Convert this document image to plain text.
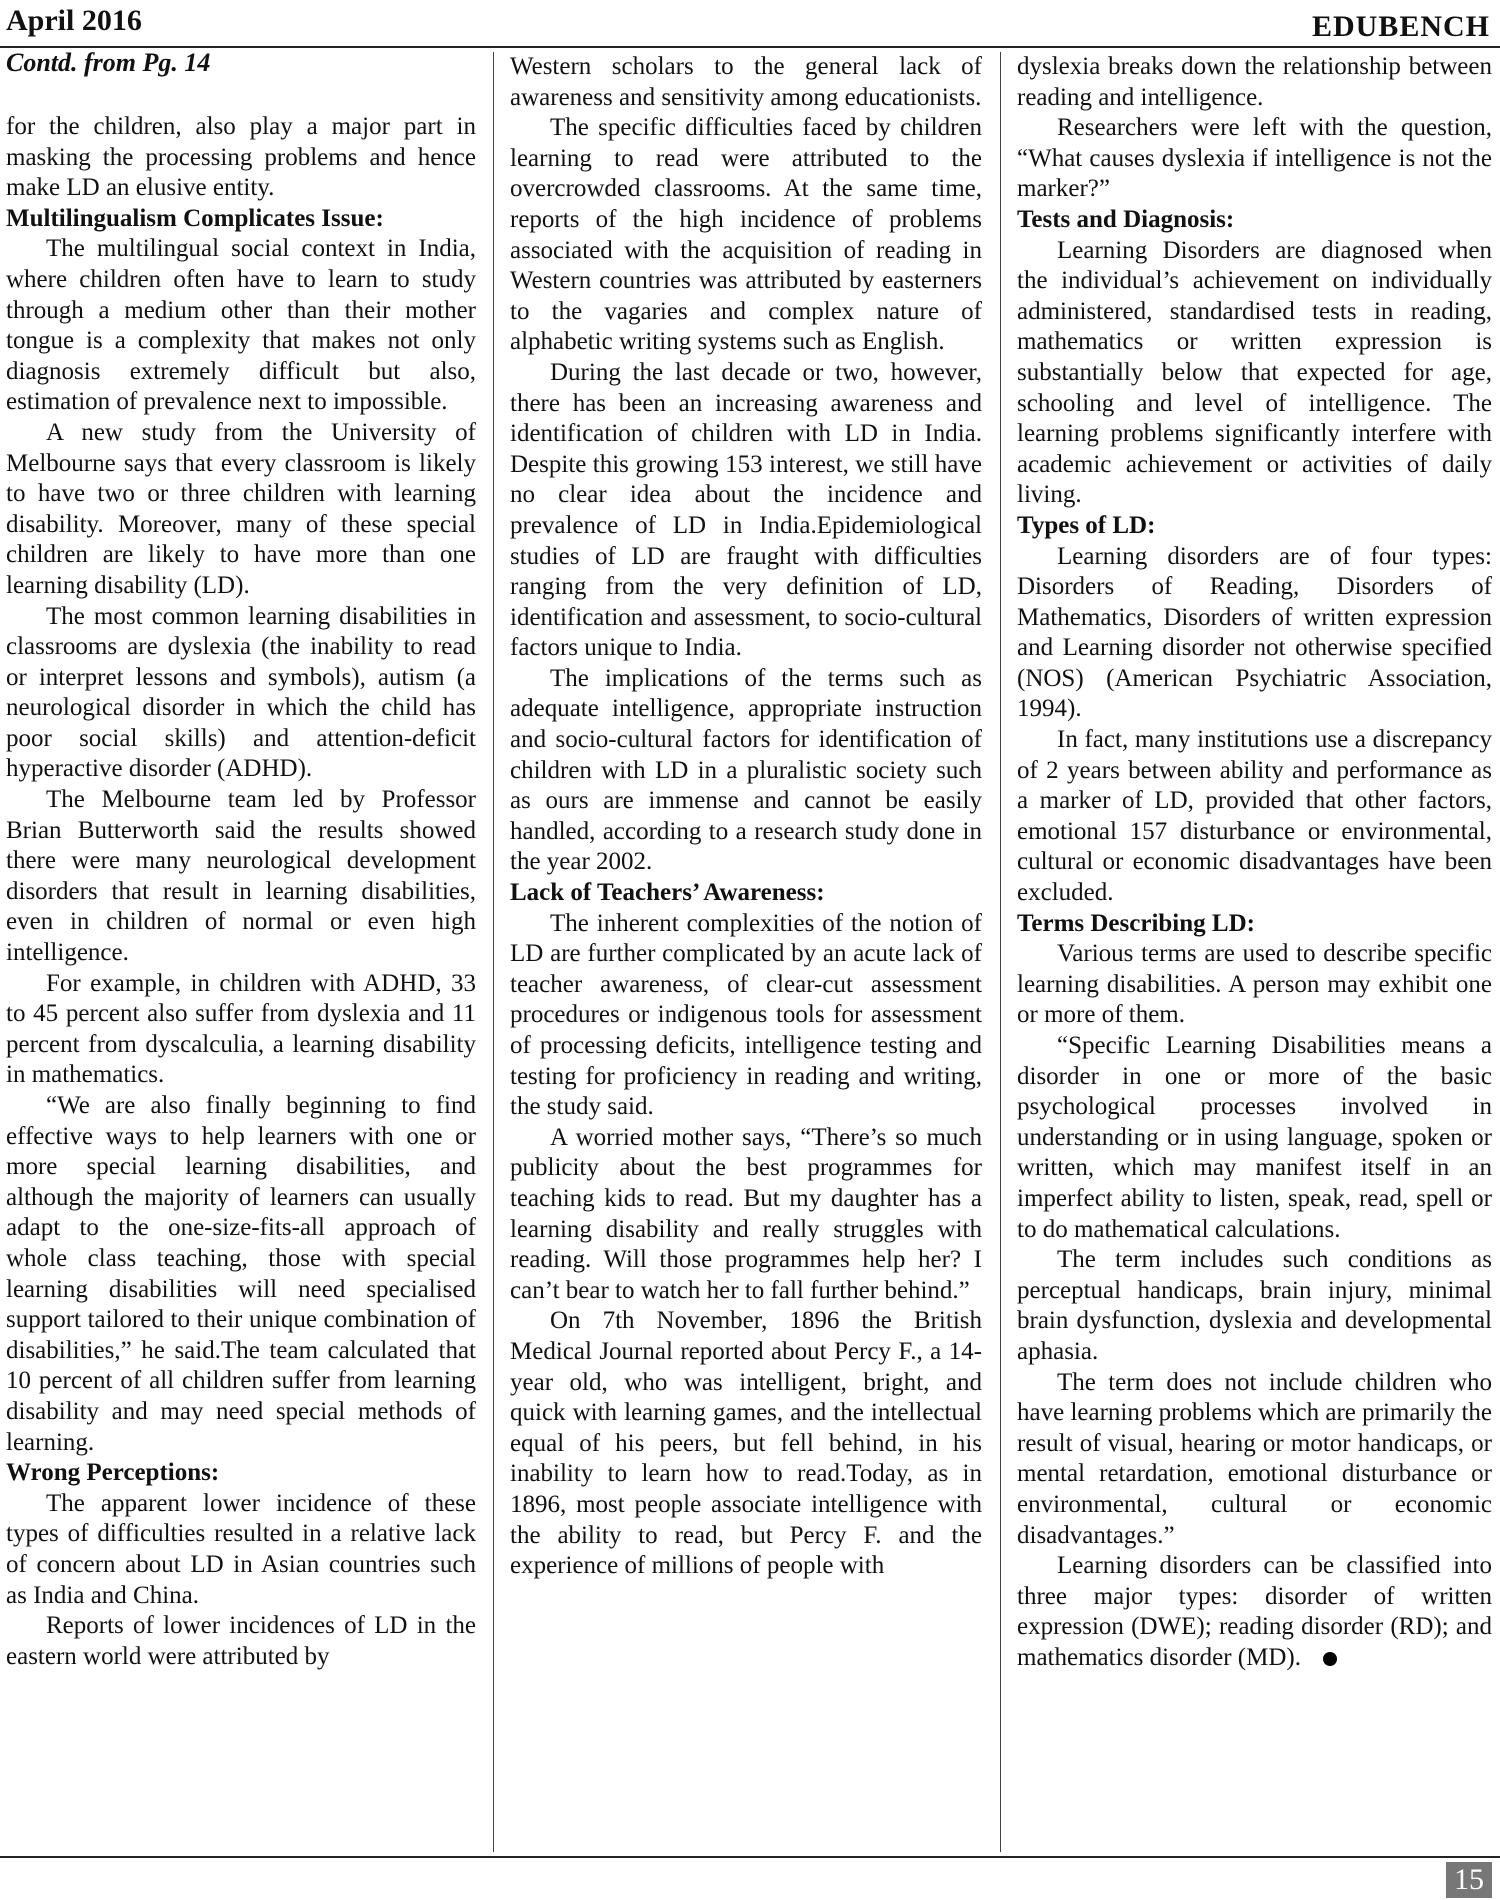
April 2016	EDUBENCH
Contd. from Pg. 14

for the children, also play a major part in masking the processing problems and hence make LD an elusive entity.

Multilingualism Complicates Issue:

The multilingual social context in India, where children often have to learn to study through a medium other than their mother tongue is a complexity that makes not only diagnosis extremely difficult but also, estimation of prevalence next to impossible.

A new study from the University of Melbourne says that every classroom is likely to have two or three children with learning disability. Moreover, many of these special children are likely to have more than one learning disability (LD).

The most common learning disabilities in classrooms are dyslexia (the inability to read or interpret lessons and symbols), autism (a neurological disorder in which the child has poor social skills) and attention-deficit hyperactive disorder (ADHD).

The Melbourne team led by Professor Brian Butterworth said the results showed there were many neurological development disorders that result in learning disabilities, even in children of normal or even high intelligence.

For example, in children with ADHD, 33 to 45 percent also suffer from dyslexia and 11 percent from dyscalculia, a learning disability in mathematics.

“We are also finally beginning to find effective ways to help learners with one or more special learning disabilities, and although the majority of learners can usually adapt to the one-size-fits-all approach of whole class teaching, those with special learning disabilities will need specialised support tailored to their unique combination of disabilities,” he said.The team calculated that 10 percent of all children suffer from learning disability and may need special methods of learning.

Wrong Perceptions:

The apparent lower incidence of these types of difficulties resulted in a relative lack of concern about LD in Asian countries such as India and China.

Reports of lower incidences of LD in the eastern world were attributed by

Western scholars to the general lack of awareness and sensitivity among educationists.

The specific difficulties faced by children learning to read were attributed to the overcrowded classrooms. At the same time, reports of the high incidence of problems associated with the acquisition of reading in Western countries was attributed by easterners to the vagaries and complex nature of alphabetic writing systems such as English.

During the last decade or two, however, there has been an increasing awareness and identification of children with LD in India. Despite this growing 153 interest, we still have no clear idea about the incidence and prevalence of LD in India.Epidemiological studies of LD are fraught with difficulties ranging from the very definition of LD, identification and assessment, to socio-cultural factors unique to India.

The implications of the terms such as adequate intelligence, appropriate instruction and socio-cultural factors for identification of children with LD in a pluralistic society such as ours are immense and cannot be easily handled, according to a research study done in the year 2002.

Lack of Teachers’ Awareness:

The inherent complexities of the notion of LD are further complicated by an acute lack of teacher awareness, of clear-cut assessment procedures or indigenous tools for assessment of processing deficits, intelligence testing and testing for proficiency in reading and writing, the study said.

A worried mother says, “There’s so much publicity about the best programmes for teaching kids to read. But my daughter has a learning disability and really struggles with reading. Will those programmes help her? I can’t bear to watch her to fall further behind.”

On 7th November, 1896 the British Medical Journal reported about Percy F., a 14-year old, who was intelligent, bright, and quick with learning games, and the intellectual equal of his peers, but fell behind, in his inability to learn how to read.Today, as in 1896, most people associate intelligence with the ability to read, but Percy F. and the experience of millions of people with

dyslexia breaks down the relationship between reading and intelligence.

Researchers were left with the question, “What causes dyslexia if intelligence is not the marker?”

Tests and Diagnosis:

Learning Disorders are diagnosed when the individual’s achievement on individually administered, standardised tests in reading, mathematics or written expression is substantially below that expected for age, schooling and level of intelligence. The learning problems significantly interfere with academic achievement or activities of daily living.

Types of LD:

Learning disorders are of four types: Disorders of Reading, Disorders of Mathematics, Disorders of written expression and Learning disorder not otherwise specified (NOS) (American Psychiatric Association, 1994).

In fact, many institutions use a discrepancy of 2 years between ability and performance as a marker of LD, provided that other factors, emotional 157 disturbance or environmental, cultural or economic disadvantages have been excluded.

Terms Describing LD:

Various terms are used to describe specific learning disabilities. A person may exhibit one or more of them.

“Specific Learning Disabilities means a disorder in one or more of the basic psychological processes involved in understanding or in using language, spoken or written, which may manifest itself in an imperfect ability to listen, speak, read, spell or to do mathematical calculations.

The term includes such conditions as perceptual handicaps, brain injury, minimal brain dysfunction, dyslexia and developmental aphasia.

The term does not include children who have learning problems which are primarily the result of visual, hearing or motor handicaps, or mental retardation, emotional disturbance or environmental, cultural or economic disadvantages.”

Learning disorders can be classified into three major types: disorder of written expression (DWE); reading disorder (RD); and mathematics disorder (MD).

15
